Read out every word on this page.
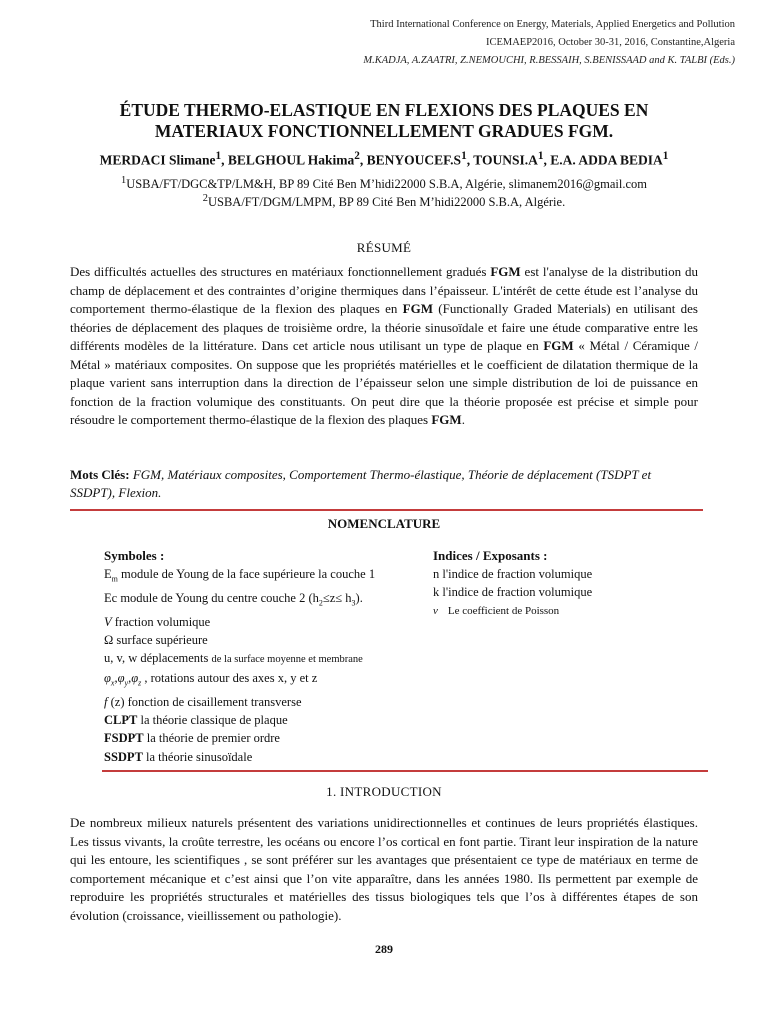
Third International Conference on Energy, Materials, Applied Energetics and Pollution
ICEMAEP2016, October 30-31, 2016, Constantine,Algeria
M.KADJA, A.ZAATRI, Z.NEMOUCHI, R.BESSAIH, S.BENISSAAD and K. TALBI (Eds.)
ÉTUDE THERMO-ELASTIQUE EN FLEXIONS DES PLAQUES EN
MATERIAUX FONCTIONNELLEMENT GRADUES FGM.
MERDACI Slimane$^1$, BELGHOUL Hakima$^2$, $BENYOUCEF.S^1$, $TOUNSI.A^1$, E.A. ADDA BEDIA$^1$
$^1$USBA/FT/DGC&TP/LM&H, BP 89 Cité Ben M’hidi22000 S.B.A, Algérie, slimanem2016@gmail.com
$^2$USBA/FT/DGM/LMPM, BP 89 Cité Ben M’hidi22000 S.B.A, Algérie.
RÉSUMÉ
Des difficultés actuelles des structures en matériaux fonctionnellement gradués FGM est l'analyse de la distribution du champ de déplacement et des contraintes d’origine thermiques dans l’épaisseur. L'intérêt de cette étude est l’analyse du comportement thermo-élastique de la flexion des plaques en FGM (Functionally Graded Materials) en utilisant des théories de déplacement des plaques de troisième ordre, la théorie sinusoïdale et faire une étude comparative entre les différents modèles de la littérature. Dans cet article nous utilisant un type de plaque en FGM « Métal / Céramique / Métal » matériaux composites. On suppose que les propriétés matérielles et le coefficient de dilatation thermique de la plaque varient sans interruption dans la direction de l’épaisseur selon une simple distribution de loi de puissance en fonction de la fraction volumique des constituants. On peut dire que la théorie proposée est précise et simple pour résoudre le comportement thermo-élastique de la flexion des plaques FGM.
Mots Clés: FGM, Matériaux composites, Comportement Thermo-élastique, Théorie de déplacement (TSDPT et SSDPT), Flexion.
NOMENCLATURE
Symboles :
$E_m$ module de Young de la face supérieure la couche 1
Ec module de Young du centre couche 2 $(h_2\le z\le h_3)$.
V fraction volumique
Ω surface supérieure
u, v, w déplacements de la surface moyenne et membrane
$\varphi_x,\varphi_y,\varphi_z$ , rotations autour des axes x, y et z
f (z) fonction de cisaillement transverse
CLPT la théorie classique de plaque
FSDPT la théorie de premier ordre
SSDPT la théorie sinusoïdale
Indices / Exposants :
n l'indice de fraction volumique
k l'indice de fraction volumique
ν Le coefficient de Poisson
1. INTRODUCTION
De nombreux milieux naturels présentent des variations unidirectionnelles et continues de leurs propriétés élastiques. Les tissus vivants, la croûte terrestre, les océans ou encore l’os cortical en font partie. Tirant leur inspiration de la nature qui les entoure, les scientifiques , se sont préférer sur les avantages que présentaient ce type de matériaux en terme de comportement mécanique et c’est ainsi que l’on vite apparaître, dans les années 1980. Ils permettent par exemple de reproduire les propriétés structurales et matérielles des tissus biologiques tels que l’os à différentes étapes de son évolution (croissance, vieillissement ou pathologie).
289
